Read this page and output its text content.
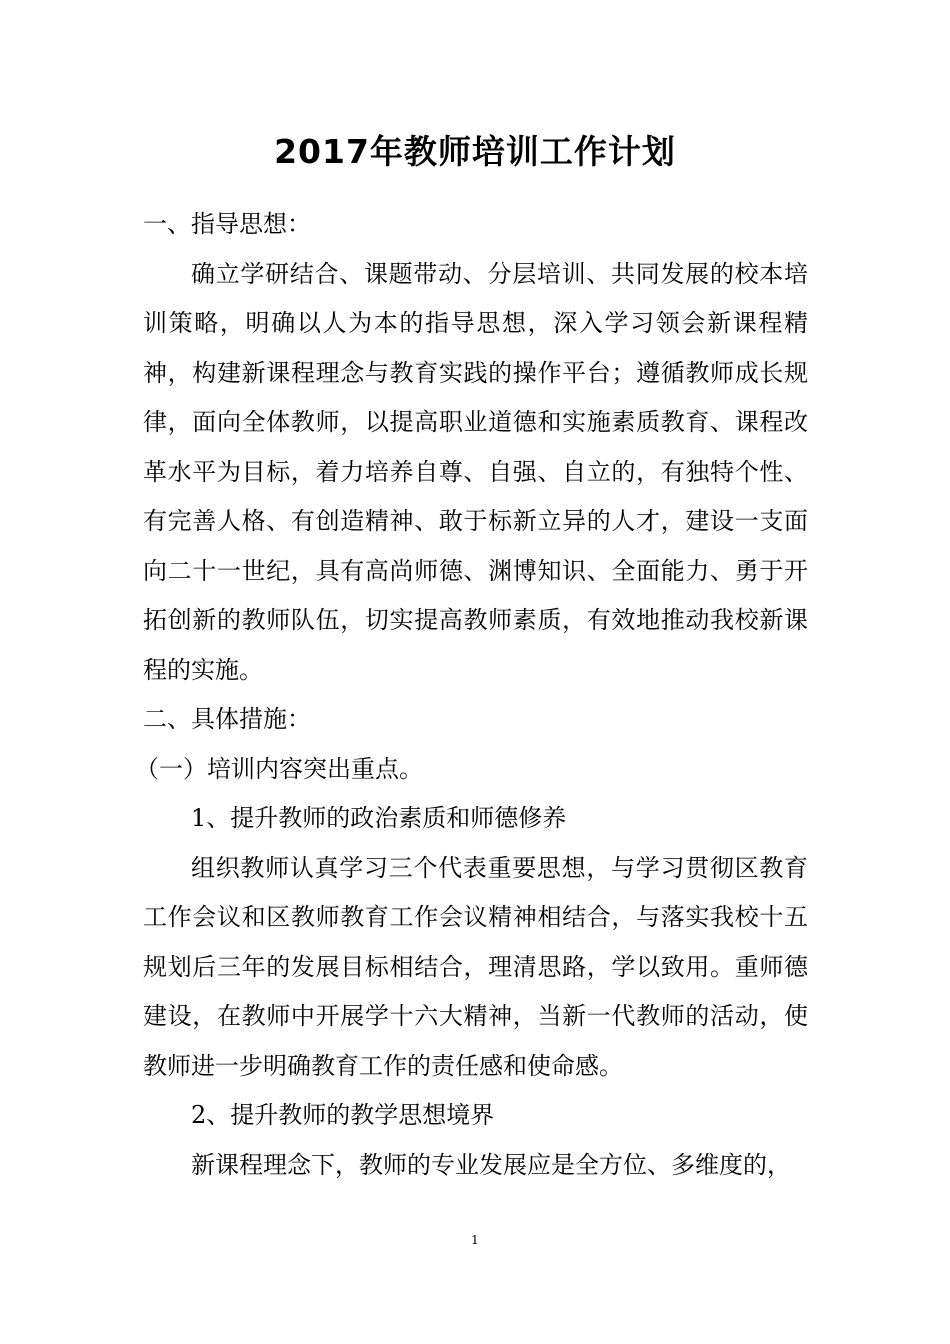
2017年教师培训工作计划

一、指导思想：

确立学研结合、课题带动、分层培训、共同发展的校本培训策略，明确以人为本的指导思想，深入学习领会新课程精神，构建新课程理念与教育实践的操作平台；遵循教师成长规律，面向全体教师，以提高职业道德和实施素质教育、课程改革水平为目标，着力培养自尊、自强、自立的，有独特个性、有完善人格、有创造精神、敢于标新立异的人才，建设一支面向二十一世纪，具有高尚师德、渊博知识、全面能力、勇于开拓创新的教师队伍，切实提高教师素质，有效地推动我校新课程的实施。

二、具体措施：

（一）培训内容突出重点。

1、提升教师的政治素质和师德修养

组织教师认真学习三个代表重要思想，与学习贯彻区教育工作会议和区教师教育工作会议精神相结合，与落实我校十五规划后三年的发展目标相结合，理清思路，学以致用。重师德建设，在教师中开展学十六大精神，当新一代教师的活动，使教师进一步明确教育工作的责任感和使命感。

2、提升教师的教学思想境界

新课程理念下，教师的专业发展应是全方位、多维度的，

1
